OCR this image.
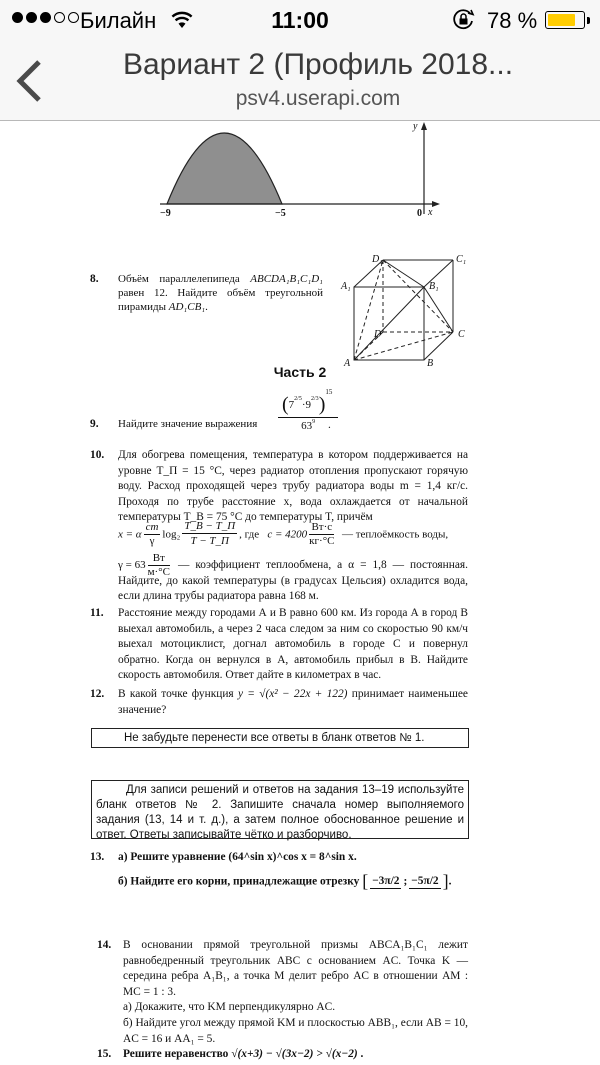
Билайн	11:00	78 %
Вариант 2 (Профиль 2018...
psv4.userapi.com
−9	−5	0 x
y
8. Объём параллелепипеда ABCDA₁B₁C₁D₁ равен 12. Найдите объём треугольной пирамиды AD₁CB₁.
D₁	C₁
A₁	B₁
D	C
A	B
Часть 2
9. Найдите значение выражения $\frac{(7^{2/5}\cdot 9^{2/3})^{15}}{63^9}$
.
10. Для обогрева помещения, температура в котором поддерживается на уровне T_П = 15 °С, через радиатор отопления пропускают горячую воду. Расход проходящей через трубу радиатора воды m = 1,4 кг/с. Проходя по трубе расстояние x, вода охлаждается от начальной температуры T_В = 75 °С до температуры T, причём
x = α $\frac{cm}{\gamma} \log_2 \frac{T\_В - T\_П}{T - T\_П}$ , где $c = 4200 \frac{Вт\cdot с}{кг\cdot^\circ С}$ — теплоёмкость воды,
$\gamma = 63 \frac{Вт}{м\cdot^\circ С}$ — коэффициент теплообмена, а α = 1,8 — постоянная. Найдите, до какой температуры (в градусах Цельсия) охладится вода, если длина трубы радиатора равна 168 м.
11. Расстояние между городами А и В равно 600 км. Из города А в город В выехал автомобиль, а через 2 часа следом за ним со скоростью 90 км/ч выехал мотоциклист, догнал автомобиль в городе С и повернул обратно. Когда он вернулся в А, автомобиль прибыл в В. Найдите скорость автомобиля. Ответ дайте в километрах в час.
12. В какой точке функция y = √(x² − 22x + 122) принимает наименьшее значение?
Не забудьте перенести все ответы в бланк ответов № 1.
Для записи решений и ответов на задания 13–19 используйте бланк ответов № 2. Запишите сначала номер выполняемого задания (13, 14 и т. д.), а затем полное обоснованное решение и ответ. Ответы записывайте чётко и разборчиво.
13. а) Решите уравнение (64^sin x)^cos x = 8^sin x.
б) Найдите его корни, принадлежащие отрезку [ −3π/2 ; −5π/2 ].
14. В основании прямой треугольной призмы ABCA₁B₁C₁ лежит равнобедренный треугольник ABC с основанием AC. Точка K — середина ребра A₁B₁, а точка M делит ребро AC в отношении AM : MC = 1 : 3.
а) Докажите, что KM перпендикулярно AC.
б) Найдите угол между прямой KM и плоскостью ABB₁, если AB = 10, AC = 16 и AA₁ = 5.
15. Решите неравенство √(x+3) − √(3x−2) > √(x−2) .
